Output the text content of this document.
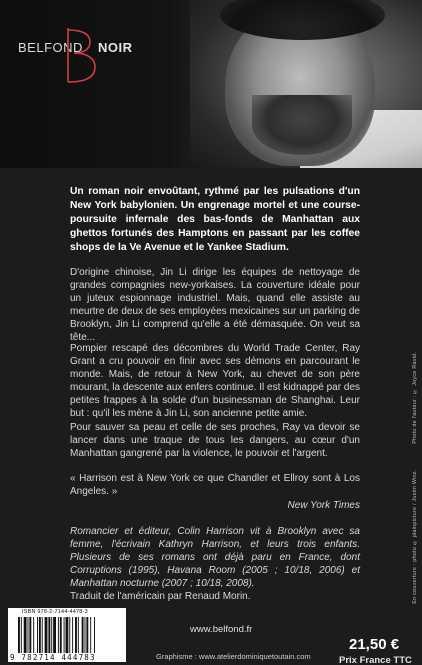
BELFOND NOIR
Un roman noir envoûtant, rythmé par les pulsations d'un New York babylonien. Un engrenage mortel et une course-poursuite infernale des bas-fonds de Manhattan aux ghettos fortunés des Hamptons en passant par les coffee shops de la Ve Avenue et le Yankee Stadium.
D'origine chinoise, Jin Li dirige les équipes de nettoyage de grandes compagnies new-yorkaises. La couverture idéale pour un juteux espionnage industriel. Mais, quand elle assiste au meurtre de deux de ses employées mexicaines sur un parking de Brooklyn, Jin Li comprend qu'elle a été démasquée. On veut sa tête...
Pompier rescapé des décombres du World Trade Center, Ray Grant a cru pouvoir en finir avec ses démons en parcourant le monde. Mais, de retour à New York, au chevet de son père mourant, la descente aux enfers continue. Il est kidnappé par des petites frappes à la solde d'un businessman de Shanghai. Leur but : qu'il les mène à Jin Li, son ancienne petite amie.
Pour sauver sa peau et celle de ses proches, Ray va devoir se lancer dans une traque de tous les dangers, au cœur d'un Manhattan gangrené par la violence, le pouvoir et l'argent.
« Harrison est à New York ce que Chandler et Ellroy sont à Los Angeles. »
New York Times
Romancier et éditeur, Colin Harrison vit à Brooklyn avec sa femme, l'écrivain Kathryn Harrison, et leurs trois enfants. Plusieurs de ses romans ont déjà paru en France, dont Corruptions (1995), Havana Room (2005 ; 10/18, 2006) et Manhattan nocturne (2007 ; 10/18, 2008).
Traduit de l'américain par Renaud Morin.	En couverture : photo © plainpicture / Justin Winz. Photo de l'auteur : © Joyce Ravid.
ISBN 978-2-7144-4478-3
9 782714 444783
www.belfond.fr
Graphisme : www.atelierdominiquetoutain.com
21,50 €
Prix France TTC
